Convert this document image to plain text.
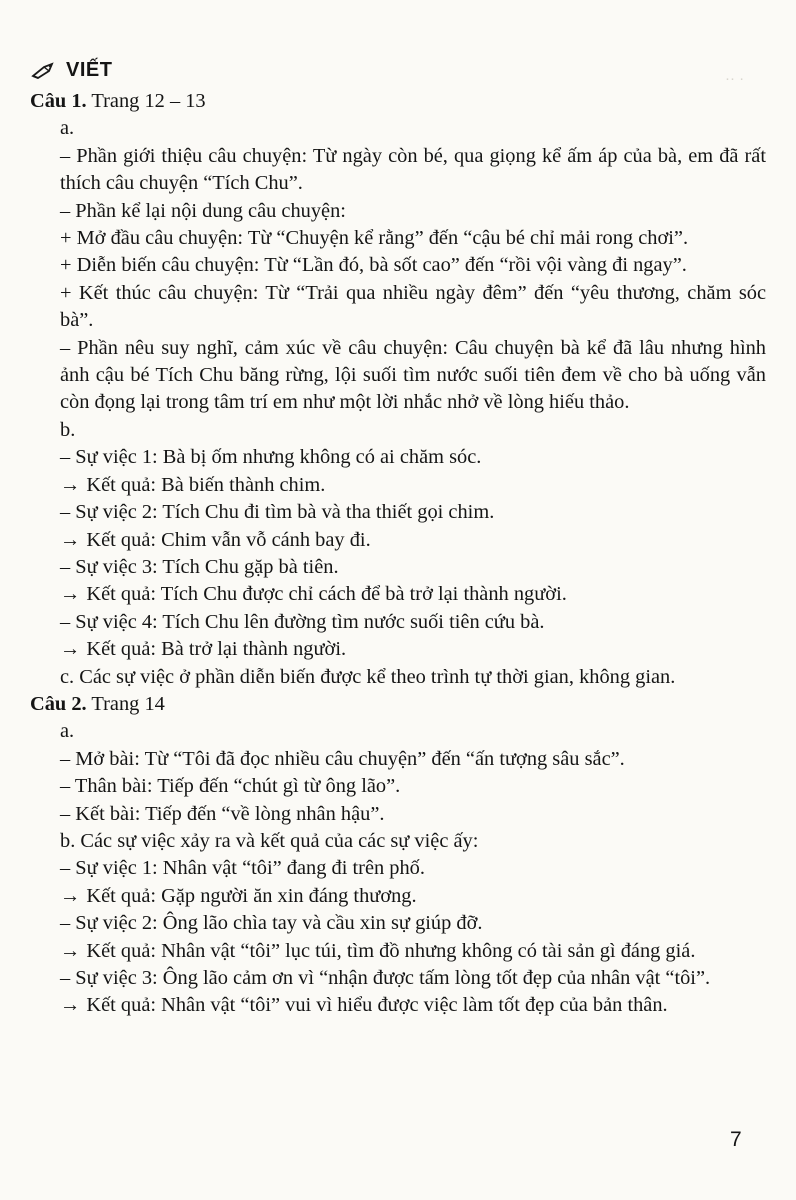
·· ·
VIẾT

Câu 1. Trang 12 – 13

a.

– Phần giới thiệu câu chuyện: Từ ngày còn bé, qua giọng kể ấm áp của bà, em đã rất thích câu chuyện “Tích Chu”.

– Phần kể lại nội dung câu chuyện:

+ Mở đầu câu chuyện: Từ “Chuyện kể rằng” đến “cậu bé chỉ mải rong chơi”.

+ Diễn biến câu chuyện: Từ “Lần đó, bà sốt cao” đến “rồi vội vàng đi ngay”.

+ Kết thúc câu chuyện: Từ “Trải qua nhiều ngày đêm” đến “yêu thương, chăm sóc bà”.

– Phần nêu suy nghĩ, cảm xúc về câu chuyện: Câu chuyện bà kể đã lâu nhưng hình ảnh cậu bé Tích Chu băng rừng, lội suối tìm nước suối tiên đem về cho bà uống vẫn còn đọng lại trong tâm trí em như một lời nhắc nhở về lòng hiếu thảo.

b.

– Sự việc 1: Bà bị ốm nhưng không có ai chăm sóc.

→ Kết quả: Bà biến thành chim.

– Sự việc 2: Tích Chu đi tìm bà và tha thiết gọi chim.

→ Kết quả: Chim vẫn vỗ cánh bay đi.

– Sự việc 3: Tích Chu gặp bà tiên.

→ Kết quả: Tích Chu được chỉ cách để bà trở lại thành người.

– Sự việc 4: Tích Chu lên đường tìm nước suối tiên cứu bà.

→ Kết quả: Bà trở lại thành người.

c. Các sự việc ở phần diễn biến được kể theo trình tự thời gian, không gian.

Câu 2. Trang 14

a.

– Mở bài: Từ “Tôi đã đọc nhiều câu chuyện” đến “ấn tượng sâu sắc”.

– Thân bài: Tiếp đến “chút gì từ ông lão”.

– Kết bài: Tiếp đến “về lòng nhân hậu”.

b. Các sự việc xảy ra và kết quả của các sự việc ấy:

– Sự việc 1: Nhân vật “tôi” đang đi trên phố.

→ Kết quả: Gặp người ăn xin đáng thương.

– Sự việc 2: Ông lão chìa tay và cầu xin sự giúp đỡ.

→ Kết quả: Nhân vật “tôi” lục túi, tìm đồ nhưng không có tài sản gì đáng giá.

– Sự việc 3: Ông lão cảm ơn vì “nhận được tấm lòng tốt đẹp của nhân vật “tôi”.

→ Kết quả: Nhân vật “tôi” vui vì hiểu được việc làm tốt đẹp của bản thân.

7
